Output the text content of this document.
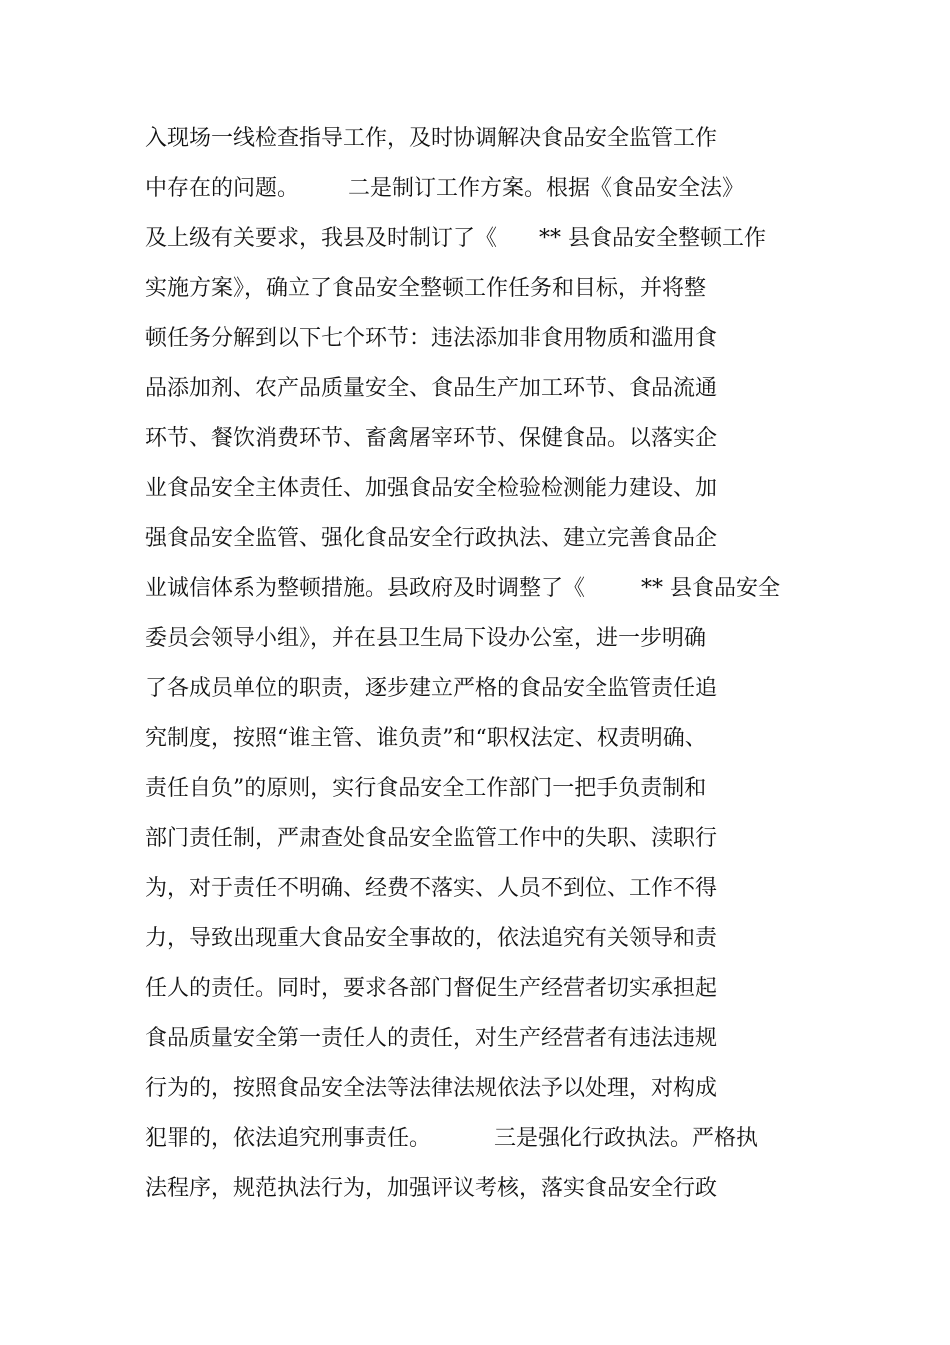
入现场一线检查指导工作，及时协调解决食品安全监管工作

中存在的问题。       二是制订工作方案。根据《食品安全法》

及上级有关要求，我县及时制订了《      ** 县食品安全整顿工作

实施方案》，确立了食品安全整顿工作任务和目标，并将整

顿任务分解到以下七个环节：违法添加非食用物质和滥用食

品添加剂、农产品质量安全、食品生产加工环节、食品流通

环节、餐饮消费环节、畜禽屠宰环节、保健食品。以落实企

业食品安全主体责任、加强食品安全检验检测能力建设、加

强食品安全监管、强化食品安全行政执法、建立完善食品企

业诚信体系为整顿措施。县政府及时调整了《        ** 县食品安全

委员会领导小组》，并在县卫生局下设办公室，进一步明确

了各成员单位的职责，逐步建立严格的食品安全监管责任追

究制度，按照“谁主管、谁负责”和“职权法定、权责明确、

责任自负”的原则，实行食品安全工作部门一把手负责制和

部门责任制，严肃查处食品安全监管工作中的失职、渎职行

为，对于责任不明确、经费不落实、人员不到位、工作不得

力，导致出现重大食品安全事故的，依法追究有关领导和责

任人的责任。同时，要求各部门督促生产经营者切实承担起

食品质量安全第一责任人的责任，对生产经营者有违法违规

行为的，按照食品安全法等法律法规依法予以处理，对构成

犯罪的，依法追究刑事责任。         三是强化行政执法。严格执

法程序，规范执法行为，加强评议考核，落实食品安全行政
